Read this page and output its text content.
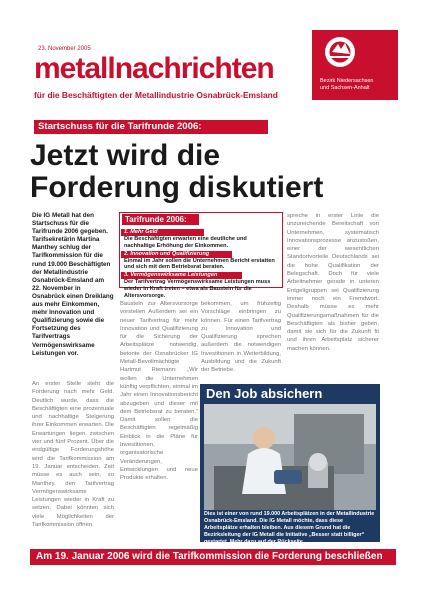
23. November 2005
metallnachrichten
für die Beschäftigten der Metallindustrie Osnabrück-Emsland
Bezirk Niedersachsen
und Sachsen-Anhalt
Startschuss für die Tarifrunde 2006:
Jetzt wird die
Forderung diskutiert
Die IG Metall hat den Startschuss für die Tarifrunde 2006 gegeben. Tarifsekretärin Martina Manthey schlug der Tarifkommission für die rund 19.000 Beschäftigten der Metallindustrie Osnabrück-Emsland am 22. November in Osnabrück einen Dreiklang aus mehr Einkommen, mehr Innovation und Qualifizierung sowie die Fortsetzung des Tarifvertrags Vermögenswirksame Leistungen vor.
Tarifrunde 2006:
1. Mehr Geld
Die Beschäftigten erwarten eine deutliche und nachhaltige Erhöhung der Einkommen.
2. Innovation und Qualifizierung
Einmal im Jahr sollen die Unternehmen Bericht erstatten und sich mit dem Betriebsrat beraten.
3. Vermögenswirksame Leistungen
Der Tarifvertrag Vermögenswirksame Leistungen muss wieder in Kraft treten – etwa als Baustein für die Altersvorsorge.
An erster Stelle steht die Forderung nach mehr Geld. Deutlich wurde, dass die Beschäftigten eine prozentuale und nachhaltige Steigerung ihrer Einkommen erwarten. Die Erwartungen liegen zwischen vier und fünf Prozent. Über die endgültige Forderungshöhe wird die Tarifkommission am 19. Januar entscheiden. Zeit müsse es auch sein, so Manthey, den Tarifvertrag Vermögenswirksame Leistungen wieder in Kraft zu setzen. Dabei könnten sich viele Möglichkeiten der Tarifkommission öffnen.
Bausteln zur Altersvorsorge vorstellen Außerdem sei ein neuer Tarifvertrag für mehr Innovation und Qualifizierung für die Sicherung der Arbeitsplätze notwendig, betonte der Osnabrücker IG Metall-Bevollmächtigte Hartmut Riemann: „Wir wollen die Unternehmen künftig verpflichten, einmal im Jahr einen Innovationsbericht abzugeben und dieser mit dem Betriebsrat zu beraten.“ Damit sollen die Beschäftigten regelmäßig Einblick in die Pläne für Investitionen, organisatorische Veränderungen, Entwicklungen und neue Produkte erhalten.
bekommen, um frühzeitig Vorschläge einbringen zu können. Für einen Tarifvertrag zu Innovation und Qualifizierung sprechen außerdem die notwendigen Investitionen in Weiterbildung, Ausbildung und die Zukunft der Betriebe.
spreche in erster Linie die unzureichende Bereitschaft von Unternehmen, systematisch Innovationsprozesse anzustoßen, einer der wesentlichen Standortvorteile Deutschlands sei die hohe Qualifikation der Belegschaft. Doch für viele Arbeitnehmer gerade in unteren Entgeltgruppen sei Qualifizierung immer noch ein Fremdwort. Deshalb müsse es mehr Qualifizierungsmaßnahmen für die Beschäftigten als bisher geben, damit sie sich für die Zukunft fit und ihren Arbeitsplatz sicherer machen können.
Den Job absichern
Dies ist einer von rund 19.000 Arbeitsplätzen in der Metallindustrie Osnabrück-Emsland. Die IG Metall möchte, dass diese Arbeitsplätze erhalten bleiben. Aus diesem Grund hat die Bezirksleitung der IG Metall die Initiative „Besser statt billiger“ gestartet. Mehr dazu auf der Rückseite.
Am 19. Januar 2006 wird die Tarifkommission die Forderung beschließen
